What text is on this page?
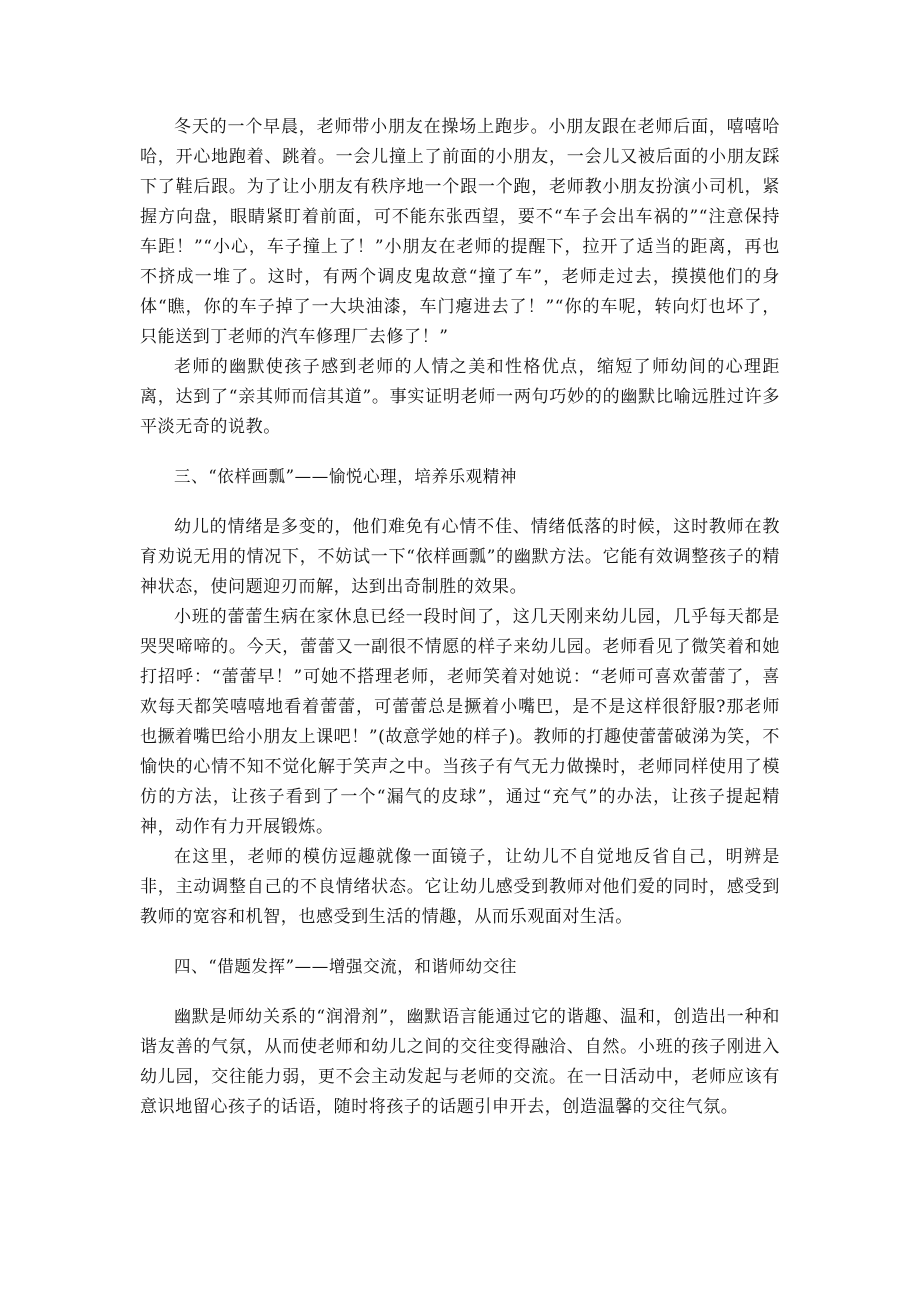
冬天的一个早晨，老师带小朋友在操场上跑步。小朋友跟在老师后面，嘻嘻哈哈，开心地跑着、跳着。一会儿撞上了前面的小朋友，一会儿又被后面的小朋友踩下了鞋后跟。为了让小朋友有秩序地一个跟一个跑，老师教小朋友扮演小司机，紧握方向盘，眼睛紧盯着前面，可不能东张西望，要不“车子会出车祸的”“注意保持车距！”“小心，车子撞上了！”小朋友在老师的提醒下，拉开了适当的距离，再也不挤成一堆了。这时，有两个调皮鬼故意“撞了车”，老师走过去，摸摸他们的身体“瞧，你的车子掉了一大块油漆，车门瘪进去了！”“你的车呢，转向灯也坏了，只能送到丁老师的汽车修理厂去修了！”

老师的幽默使孩子感到老师的人情之美和性格优点，缩短了师幼间的心理距离，达到了“亲其师而信其道”。事实证明老师一两句巧妙的的幽默比喻远胜过许多平淡无奇的说教。

三、“依样画瓢”——愉悦心理，培养乐观精神

幼儿的情绪是多变的，他们难免有心情不佳、情绪低落的时候，这时教师在教育劝说无用的情况下，不妨试一下“依样画瓢”的幽默方法。它能有效调整孩子的精神状态，使问题迎刃而解，达到出奇制胜的效果。

小班的蕾蕾生病在家休息已经一段时间了，这几天刚来幼儿园，几乎每天都是哭哭啼啼的。今天，蕾蕾又一副很不情愿的样子来幼儿园。老师看见了微笑着和她打招呼：“蕾蕾早！”可她不搭理老师，老师笑着对她说：“老师可喜欢蕾蕾了，喜欢每天都笑嘻嘻地看着蕾蕾，可蕾蕾总是撅着小嘴巴，是不是这样很舒服?那老师也撅着嘴巴给小朋友上课吧！”(故意学她的样子)。教师的打趣使蕾蕾破涕为笑，不愉快的心情不知不觉化解于笑声之中。当孩子有气无力做操时，老师同样使用了模仿的方法，让孩子看到了一个“漏气的皮球”，通过“充气”的办法，让孩子提起精神，动作有力开展锻炼。

在这里，老师的模仿逗趣就像一面镜子，让幼儿不自觉地反省自己，明辨是非，主动调整自己的不良情绪状态。它让幼儿感受到教师对他们爱的同时，感受到教师的宽容和机智，也感受到生活的情趣，从而乐观面对生活。

四、“借题发挥”——增强交流，和谐师幼交往

幽默是师幼关系的“润滑剂”，幽默语言能通过它的谐趣、温和，创造出一种和谐友善的气氛，从而使老师和幼儿之间的交往变得融洽、自然。小班的孩子刚进入幼儿园，交往能力弱，更不会主动发起与老师的交流。在一日活动中，老师应该有意识地留心孩子的话语，随时将孩子的话题引申开去，创造温馨的交往气氛。
